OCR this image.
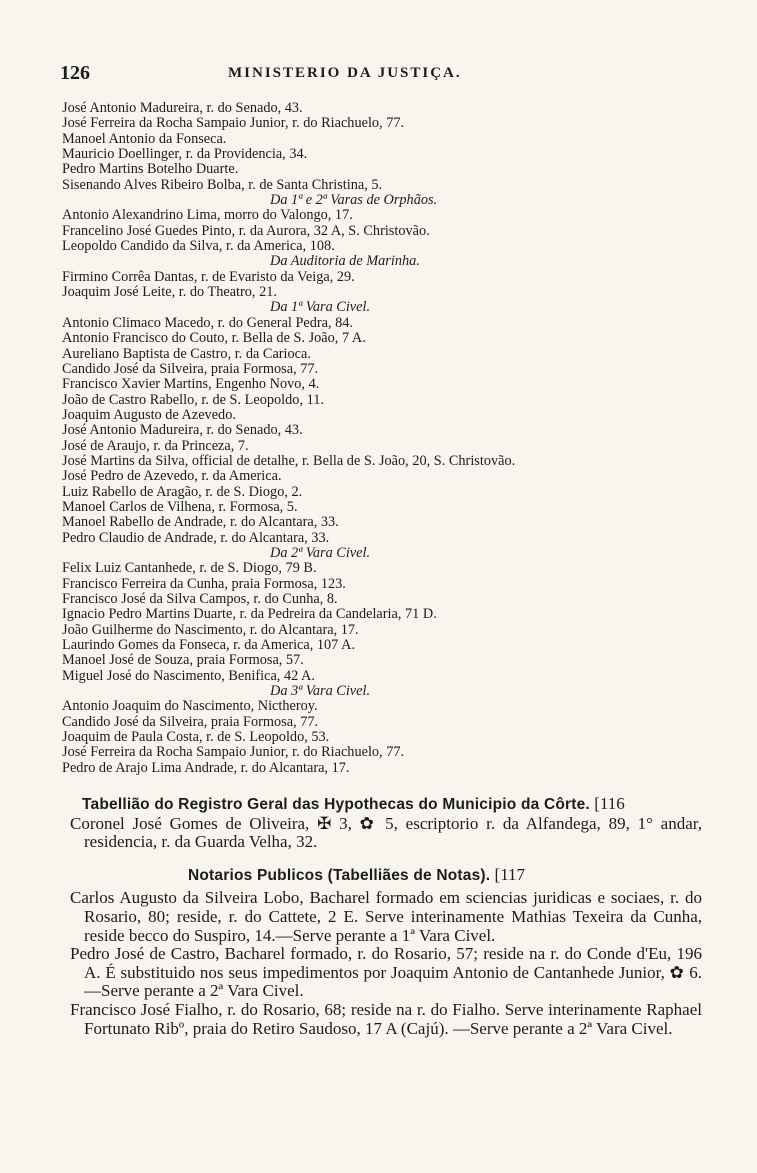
126	MINISTERIO DA JUSTIÇA.
José Antonio Madureira, r. do Senado, 43.
José Ferreira da Rocha Sampaio Junior, r. do Riachuelo, 77.
Manoel Antonio da Fonseca.
Mauricio Doellinger, r. da Providencia, 34.
Pedro Martins Botelho Duarte.
Sisenando Alves Ribeiro Bolba, r. de Santa Christina, 5.
Da 1ª e 2ª Varas de Orphãos.
Antonio Alexandrino Lima, morro do Valongo, 17.
Francelino José Guedes Pinto, r. da Aurora, 32 A, S. Christovão.
Leopoldo Candido da Silva, r. da America, 108.
Da Auditoria de Marinha.
Firmino Corrêa Dantas, r. de Evaristo da Veiga, 29.
Joaquim José Leite, r. do Theatro, 21.
Da 1ª Vara Civel.
Antonio Climaco Macedo, r. do General Pedra, 84.
Antonio Francisco do Couto, r. Bella de S. João, 7 A.
Aureliano Baptista de Castro, r. da Carioca.
Candido José da Silveira, praia Formosa, 77.
Francisco Xavier Martins, Engenho Novo, 4.
João de Castro Rabello, r. de S. Leopoldo, 11.
Joaquim Augusto de Azevedo.
José Antonio Madureira, r. do Senado, 43.
José de Araujo, r. da Princeza, 7.
José Martins da Silva, official de detalhe, r. Bella de S. João, 20, S. Christovão.
José Pedro de Azevedo, r. da America.
Luiz Rabello de Aragão, r. de S. Diogo, 2.
Manoel Carlos de Vilhena, r. Formosa, 5.
Manoel Rabello de Andrade, r. do Alcantara, 33.
Pedro Claudio de Andrade, r. do Alcantara, 33.
Da 2ª Vara Civel.
Felix Luiz Cantanhede, r. de S. Diogo, 79 B.
Francisco Ferreira da Cunha, praia Formosa, 123.
Francisco José da Silva Campos, r. do Cunha, 8.
Ignacio Pedro Martins Duarte, r. da Pedreira da Candelaria, 71 D.
João Guilherme do Nascimento, r. do Alcantara, 17.
Laurindo Gomes da Fonseca, r. da America, 107 A.
Manoel José de Souza, praia Formosa, 57.
Miguel José do Nascimento, Benifica, 42 A.
Da 3ª Vara Civel.
Antonio Joaquim do Nascimento, Nictheroy.
Candido José da Silveira, praia Formosa, 77.
Joaquim de Paula Costa, r. de S. Leopoldo, 53.
José Ferreira da Rocha Sampaio Junior, r. do Riachuelo, 77.
Pedro de Arajo Lima Andrade, r. do Alcantara, 17.
Tabellião do Registro Geral das Hypothecas do Municipio da Côrte. [116
Coronel José Gomes de Oliveira, ✠ 3, ✿ 5, escriptorio r. da Alfandega, 89, 1° andar, residencia, r. da Guarda Velha, 32.
Notarios Publicos (Tabelliães de Notas). [117
Carlos Augusto da Silveira Lobo, Bacharel formado em sciencias juridicas e sociaes, r. do Rosario, 80; reside, r. do Cattete, 2 E. Serve interinamente Mathias Texeira da Cunha, reside becco do Suspiro, 14.—Serve perante a 1ª Vara Civel.
Pedro José de Castro, Bacharel formado, r. do Rosario, 57; reside na r. do Conde d'Eu, 196 A. É substituido nos seus impedimentos por Joaquim Antonio de Cantanhede Junior, ✿ 6.—Serve perante a 2ª Vara Civel.
Francisco José Fialho, r. do Rosario, 68; reside na r. do Fialho. Serve interinamente Raphael Fortunato Ribº, praia do Retiro Saudoso, 17 A (Cajú). —Serve perante a 2ª Vara Civel.
